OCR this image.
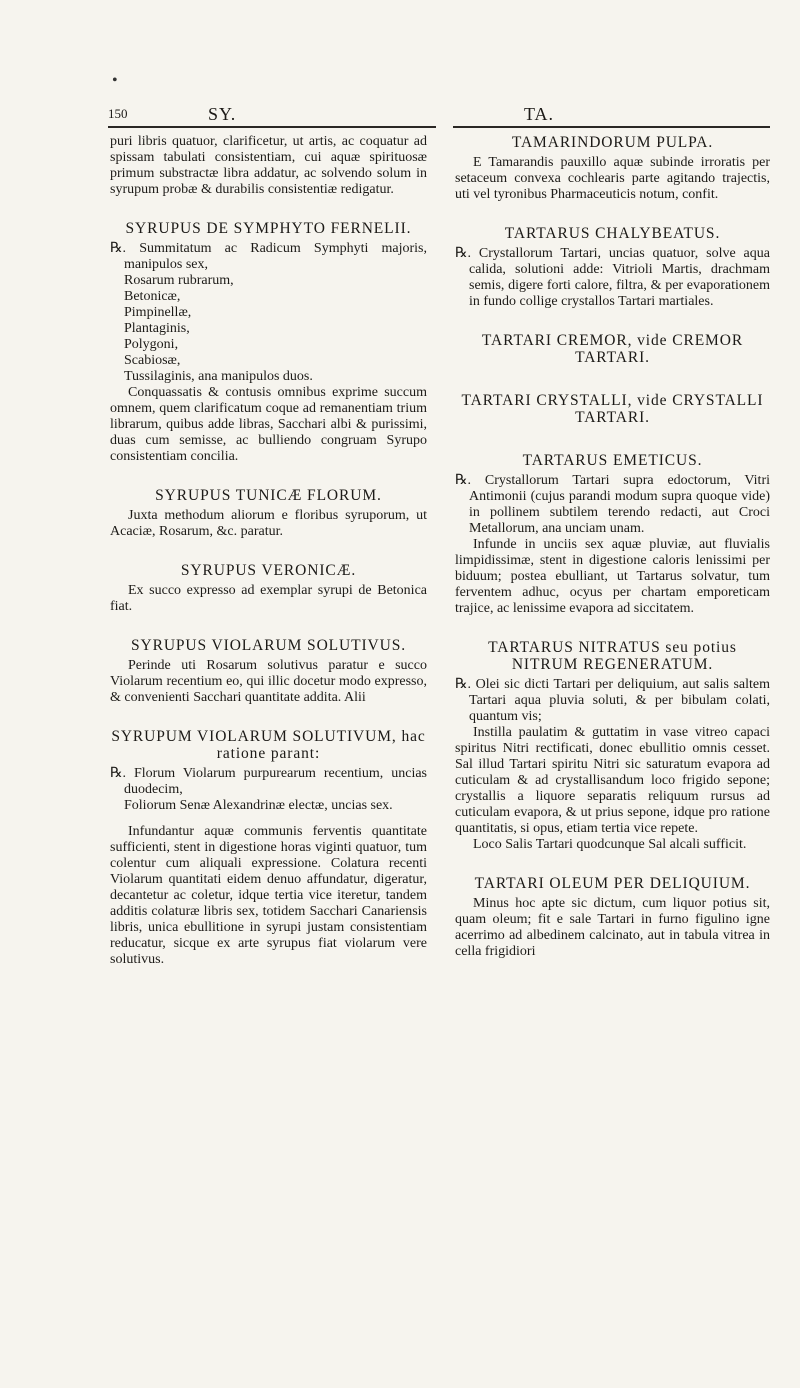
•
150	SY.	TA.

puri libris quatuor, clarificetur, ut artis, ac coquatur ad spissam tabulati consistentiam, cui aquæ spirituosæ primum substractæ libra addatur, ac solvendo solum in syrupum probæ & durabilis consistentiæ redigatur.

SYRUPUS DE SYMPHYTO FERNELII.

℞. Summitatum ac Radicum Symphyti majoris, manipulos sex,

Rosarum rubrarum,

Betonicæ,

Pimpinellæ,

Plantaginis,

Polygoni,

Scabiosæ,

Tussilaginis, ana manipulos duos.

Conquassatis & contusis omnibus exprime succum omnem, quem clarificatum coque ad remanentiam trium librarum, quibus adde libras, Sacchari albi & purissimi, duas cum semisse, ac bulliendo congruam Syrupo consistentiam concilia.

SYRUPUS TUNICÆ FLORUM.

Juxta methodum aliorum e floribus syruporum, ut Acaciæ, Rosarum, &c. paratur.

SYRUPUS VERONICÆ.

Ex succo expresso ad exemplar syrupi de Betonica fiat.

SYRUPUS VIOLARUM SOLUTIVUS.

Perinde uti Rosarum solutivus paratur e succo Violarum recentium eo, qui illic docetur modo expresso, & convenienti Sacchari quantitate addita. Alii

SYRUPUM VIOLARUM SOLUTIVUM, hac ratione parant:

℞. Florum Violarum purpurearum recentium, uncias duodecim,

Foliorum Senæ Alexandrinæ electæ, uncias sex.

Infundantur aquæ communis ferventis quantitate sufficienti, stent in digestione horas viginti quatuor, tum colentur cum aliquali expressione. Colatura recenti Violarum quantitati eidem denuo affundatur, digeratur, decantetur ac coletur, idque tertia vice iteretur, tandem additis colaturæ libris sex, totidem Sacchari Canariensis libris, unica ebullitione in syrupi justam consistentiam reducatur, sicque ex arte syrupus fiat violarum vere solutivus.

TAMARINDORUM PULPA.

E Tamarandis pauxillo aquæ subinde irroratis per setaceum convexa cochlearis parte agitando trajectis, uti vel tyronibus Pharmaceuticis notum, confit.

TARTARUS CHALYBEATUS.

℞. Crystallorum Tartari, uncias quatuor, solve aqua calida, solutioni adde: Vitrioli Martis, drachmam semis, digere forti calore, filtra, & per evaporationem in fundo collige crystallos Tartari martiales.

TARTARI CREMOR, vide CREMOR TARTARI.
TARTARI CRYSTALLI, vide CRYSTALLI TARTARI.
TARTARUS EMETICUS.

℞. Crystallorum Tartari supra edoctorum, Vitri Antimonii (cujus parandi modum supra quoque vide) in pollinem subtilem terendo redacti, aut Croci Metallorum, ana unciam unam.

Infunde in unciis sex aquæ pluviæ, aut fluvialis limpidissimæ, stent in digestione caloris lenissimi per biduum; postea ebulliant, ut Tartarus solvatur, tum ferventem adhuc, ocyus per chartam emporeticam trajice, ac lenissime evapora ad siccitatem.

TARTARUS NITRATUS seu potius NITRUM REGENERATUM.

℞. Olei sic dicti Tartari per deliquium, aut salis saltem Tartari aqua pluvia soluti, & per bibulam colati, quantum vis;

Instilla paulatim & guttatim in vase vitreo capaci spiritus Nitri rectificati, donec ebullitio omnis cesset. Sal illud Tartari spiritu Nitri sic saturatum evapora ad cuticulam & ad crystallisandum loco frigido sepone; crystallis a liquore separatis reliquum rursus ad cuticulam evapora, & ut prius sepone, idque pro ratione quantitatis, si opus, etiam tertia vice repete.

Loco Salis Tartari quodcunque Sal alcali sufficit.

TARTARI OLEUM PER DELIQUIUM.

Minus hoc apte sic dictum, cum liquor potius sit, quam oleum; fit e sale Tartari in furno figulino igne acerrimo ad albedinem calcinato, aut in tabula vitrea in cella frigidiori
